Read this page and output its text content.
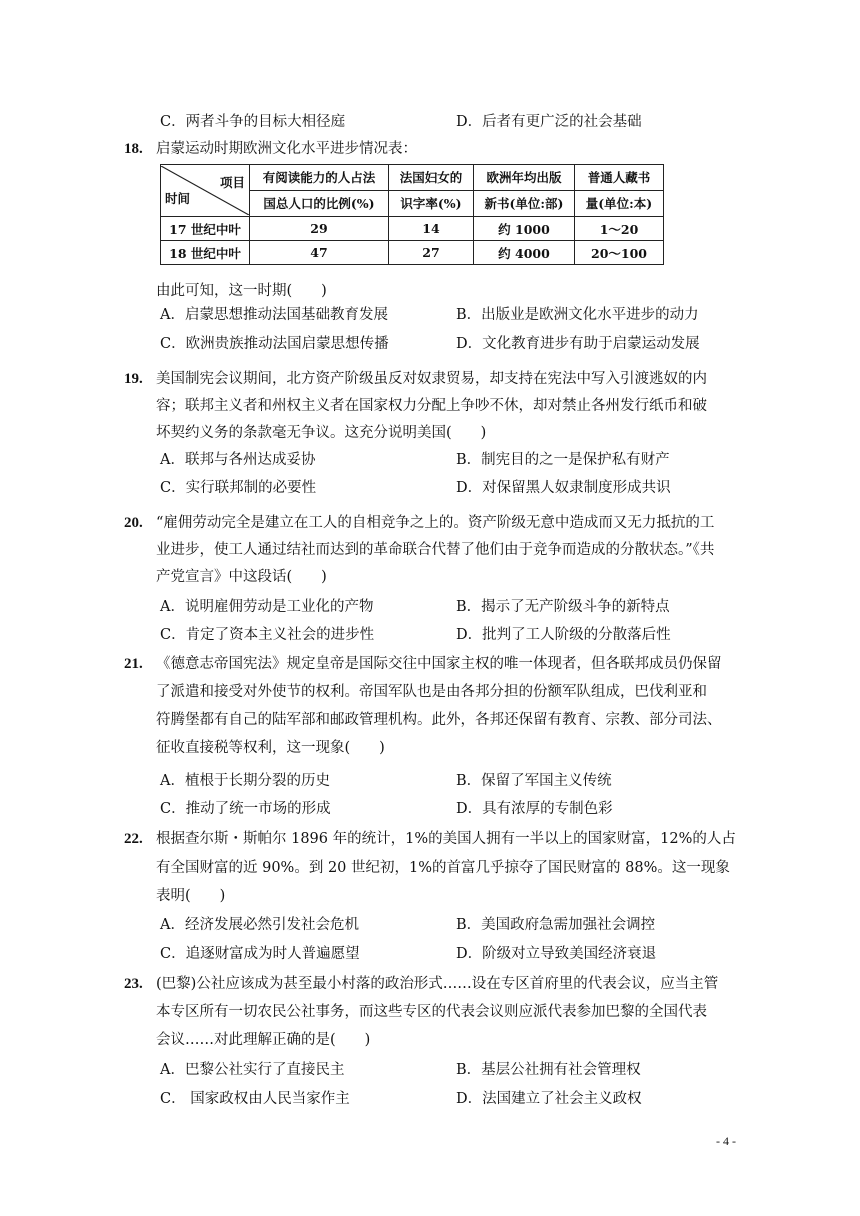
C．两者斗争的目标大相径庭	D．后者有更广泛的社会基础
18. 启蒙运动时期欧洲文化水平进步情况表：
项目
时间	有阅读能力的人占法	法国妇女的	欧洲年均出版	普通人藏书
	国总人口的比例(%)	识字率(%)	新书(单位:部)	量(单位:本)
17 世纪中叶	29	14	约 1000	1～20
18 世纪中叶	47	27	约 4000	20～100
由此可知，这一时期(　　)
A．启蒙思想推动法国基础教育发展	B．出版业是欧洲文化水平进步的动力
C．欧洲贵族推动法国启蒙思想传播	D．文化教育进步有助于启蒙运动发展
19. 美国制宪会议期间，北方资产阶级虽反对奴隶贸易，却支持在宪法中写入引渡逃奴的内
容；联邦主义者和州权主义者在国家权力分配上争吵不休，却对禁止各州发行纸币和破
坏契约义务的条款毫无争议。这充分说明美国(　　)
A．联邦与各州达成妥协	B．制宪目的之一是保护私有财产
C．实行联邦制的必要性	D．对保留黑人奴隶制度形成共识
20. “雇佣劳动完全是建立在工人的自相竞争之上的。资产阶级无意中造成而又无力抵抗的工
业进步，使工人通过结社而达到的革命联合代替了他们由于竞争而造成的分散状态。”《共
产党宣言》中这段话(　　)
A．说明雇佣劳动是工业化的产物	B．揭示了无产阶级斗争的新特点
C．肯定了资本主义社会的进步性	D．批判了工人阶级的分散落后性
21. 《德意志帝国宪法》规定皇帝是国际交往中国家主权的唯一体现者，但各联邦成员仍保留
了派遣和接受对外使节的权利。帝国军队也是由各邦分担的份额军队组成，巴伐利亚和
符腾堡都有自己的陆军部和邮政管理机构。此外，各邦还保留有教育、宗教、部分司法、
征收直接税等权利，这一现象(　　)
A．植根于长期分裂的历史	B．保留了军国主义传统
C．推动了统一市场的形成	D．具有浓厚的专制色彩
22. 根据查尔斯・斯帕尔 1896 年的统计，1%的美国人拥有一半以上的国家财富，12%的人占
有全国财富的近 90%。到 20 世纪初，1%的首富几乎掠夺了国民财富的 88%。这一现象
表明(　　)
A．经济发展必然引发社会危机	B．美国政府急需加强社会调控
C．追逐财富成为时人普遍愿望	D．阶级对立导致美国经济衰退
23. (巴黎)公社应该成为甚至最小村落的政治形式……设在专区首府里的代表会议，应当主管
本专区所有一切农民公社事务，而这些专区的代表会议则应派代表参加巴黎的全国代表
会议……对此理解正确的是(　　)
A．巴黎公社实行了直接民主	B．基层公社拥有社会管理权
C． 国家政权由人民当家作主	D．法国建立了社会主义政权
- 4 -
